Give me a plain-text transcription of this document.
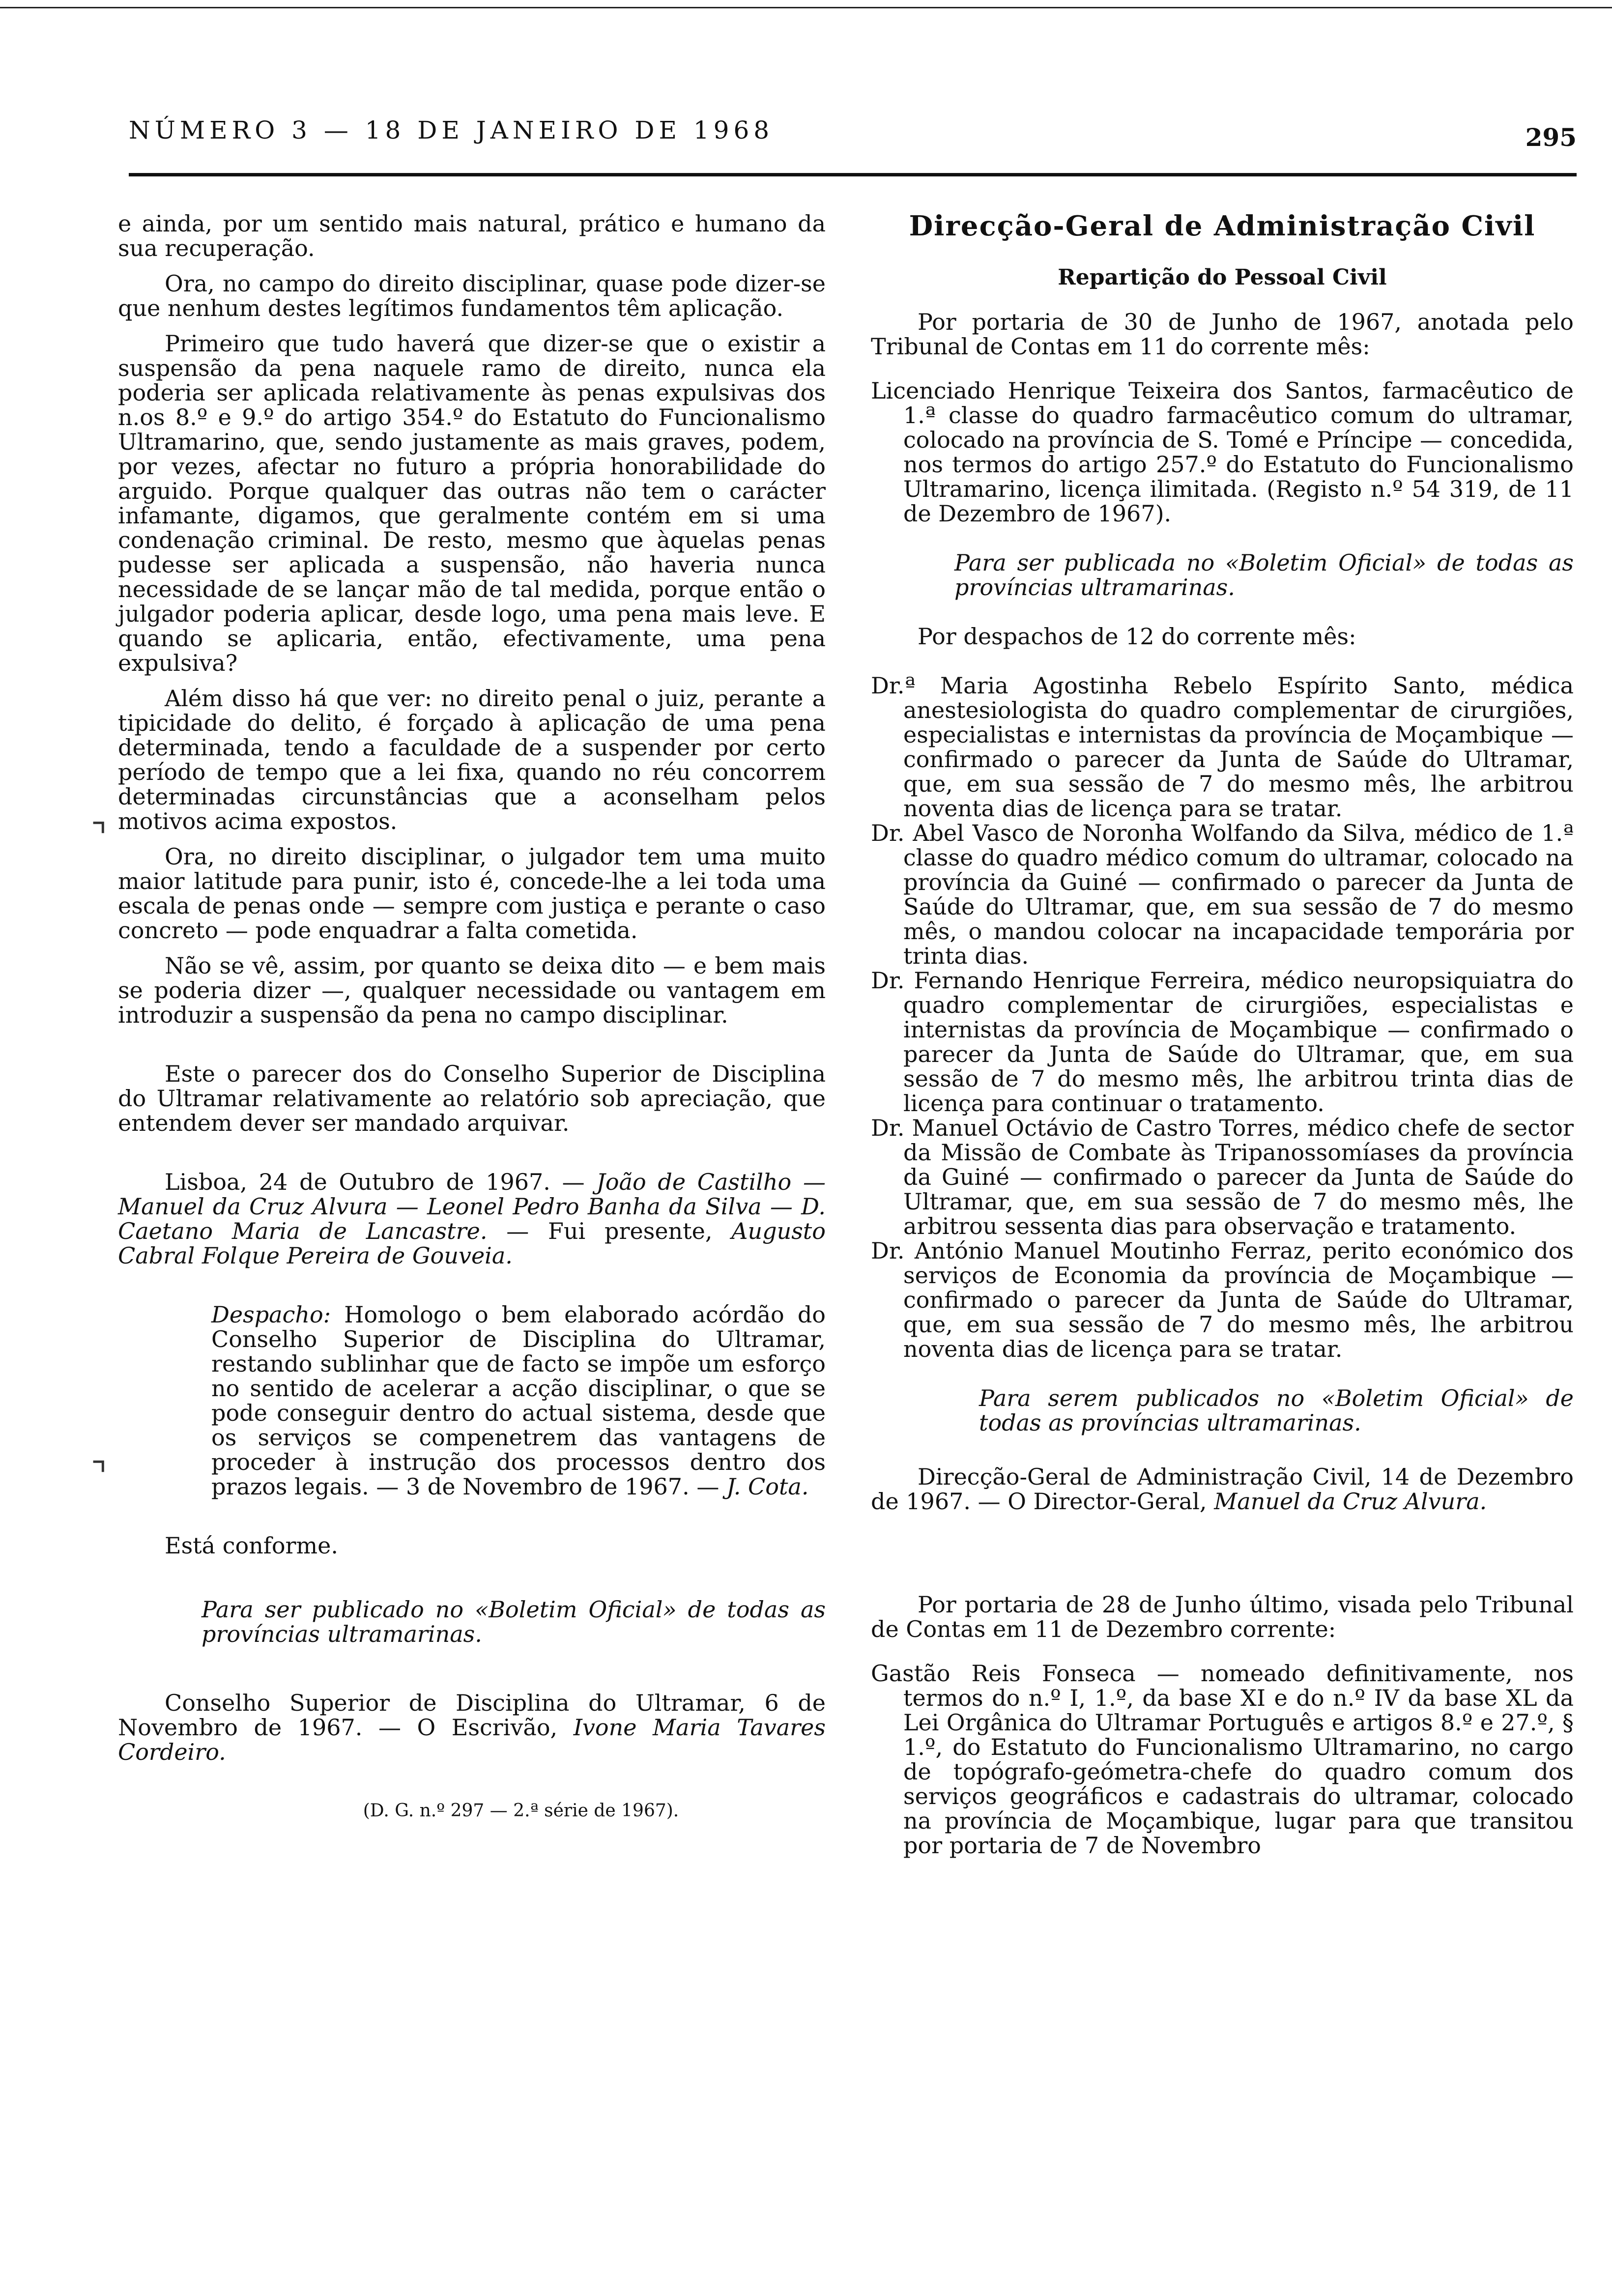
NÚMERO 3 — 18 DE JANEIRO DE 1968	295

e ainda, por um sentido mais natural, prático e humano da sua recuperação.

Ora, no campo do direito disciplinar, quase pode dizer-se que nenhum destes legítimos fundamentos têm aplicação.

Primeiro que tudo haverá que dizer-se que o existir a suspensão da pena naquele ramo de direito, nunca ela poderia ser aplicada relativamente às penas expulsivas dos n.os 8.º e 9.º do artigo 354.º do Estatuto do Funcionalismo Ultramarino, que, sendo justamente as mais graves, podem, por vezes, afectar no futuro a própria honorabilidade do arguido. Porque qualquer das outras não tem o carácter infamante, digamos, que geralmente contém em si uma condenação criminal. De resto, mesmo que àquelas penas pudesse ser aplicada a suspensão, não haveria nunca necessidade de se lançar mão de tal medida, porque então o julgador poderia aplicar, desde logo, uma pena mais leve. E quando se aplicaria, então, efectivamente, uma pena expulsiva?

Além disso há que ver: no direito penal o juiz, perante a tipicidade do delito, é forçado à aplicação de uma pena determinada, tendo a faculdade de a suspender por certo período de tempo que a lei fixa, quando no réu concorrem determinadas circunstâncias que a aconselham pelos motivos acima expostos.

Ora, no direito disciplinar, o julgador tem uma muito maior latitude para punir, isto é, concede-lhe a lei toda uma escala de penas onde — sempre com justiça e perante o caso concreto — pode enquadrar a falta cometida.

Não se vê, assim, por quanto se deixa dito — e bem mais se poderia dizer —, qualquer necessidade ou vantagem em introduzir a suspensão da pena no campo disciplinar.

Este o parecer dos do Conselho Superior de Disciplina do Ultramar relativamente ao relatório sob apreciação, que entendem dever ser mandado arquivar.

Lisboa, 24 de Outubro de 1967. — João de Castilho — Manuel da Cruz Alvura — Leonel Pedro Banha da Silva — D. Caetano Maria de Lancastre. — Fui presente, Augusto Cabral Folque Pereira de Gouveia.

Despacho: Homologo o bem elaborado acórdão do Conselho Superior de Disciplina do Ultramar, restando sublinhar que de facto se impõe um esforço no sentido de acelerar a acção disciplinar, o que se pode conseguir dentro do actual sistema, desde que os serviços se compenetrem das vantagens de proceder à instrução dos processos dentro dos prazos legais. — 3 de Novembro de 1967. — J. Cota.

Está conforme.

Para ser publicado no «Boletim Oficial» de todas as províncias ultramarinas.

Conselho Superior de Disciplina do Ultramar, 6 de Novembro de 1967. — O Escrivão, Ivone Maria Tavares Cordeiro.

(D. G. n.º 297 — 2.ª série de 1967).

Direcção-Geral de Administração Civil

Repartição do Pessoal Civil

Por portaria de 30 de Junho de 1967, anotada pelo Tribunal de Contas em 11 do corrente mês:

Licenciado Henrique Teixeira dos Santos, farmacêutico de 1.ª classe do quadro farmacêutico comum do ultramar, colocado na província de S. Tomé e Príncipe — concedida, nos termos do artigo 257.º do Estatuto do Funcionalismo Ultramarino, licença ilimitada. (Registo n.º 54 319, de 11 de Dezembro de 1967).

Para ser publicada no «Boletim Oficial» de todas as províncias ultramarinas.

Por despachos de 12 do corrente mês:

Dr.ª Maria Agostinha Rebelo Espírito Santo, médica anestesiologista do quadro complementar de cirurgiões, especialistas e internistas da província de Moçambique — confirmado o parecer da Junta de Saúde do Ultramar, que, em sua sessão de 7 do mesmo mês, lhe arbitrou noventa dias de licença para se tratar.

Dr. Abel Vasco de Noronha Wolfando da Silva, médico de 1.ª classe do quadro médico comum do ultramar, colocado na província da Guiné — confirmado o parecer da Junta de Saúde do Ultramar, que, em sua sessão de 7 do mesmo mês, o mandou colocar na incapacidade temporária por trinta dias.

Dr. Fernando Henrique Ferreira, médico neuropsiquiatra do quadro complementar de cirurgiões, especialistas e internistas da província de Moçambique — confirmado o parecer da Junta de Saúde do Ultramar, que, em sua sessão de 7 do mesmo mês, lhe arbitrou trinta dias de licença para continuar o tratamento.

Dr. Manuel Octávio de Castro Torres, médico chefe de sector da Missão de Combate às Tripanossomíases da província da Guiné — confirmado o parecer da Junta de Saúde do Ultramar, que, em sua sessão de 7 do mesmo mês, lhe arbitrou sessenta dias para observação e tratamento.

Dr. António Manuel Moutinho Ferraz, perito económico dos serviços de Economia da província de Moçambique — confirmado o parecer da Junta de Saúde do Ultramar, que, em sua sessão de 7 do mesmo mês, lhe arbitrou noventa dias de licença para se tratar.

Para serem publicados no «Boletim Oficial» de todas as províncias ultramarinas.

Direcção-Geral de Administração Civil, 14 de Dezembro de 1967. — O Director-Geral, Manuel da Cruz Alvura.

Por portaria de 28 de Junho último, visada pelo Tribunal de Contas em 11 de Dezembro corrente:

Gastão Reis Fonseca — nomeado definitivamente, nos termos do n.º I, 1.º, da base XI e do n.º IV da base XL da Lei Orgânica do Ultramar Português e artigos 8.º e 27.º, § 1.º, do Estatuto do Funcionalismo Ultramarino, no cargo de topógrafo-geómetra-chefe do quadro comum dos serviços geográficos e cadastrais do ultramar, colocado na província de Moçambique, lugar para que transitou por portaria de 7 de Novembro

⌝
⌝
